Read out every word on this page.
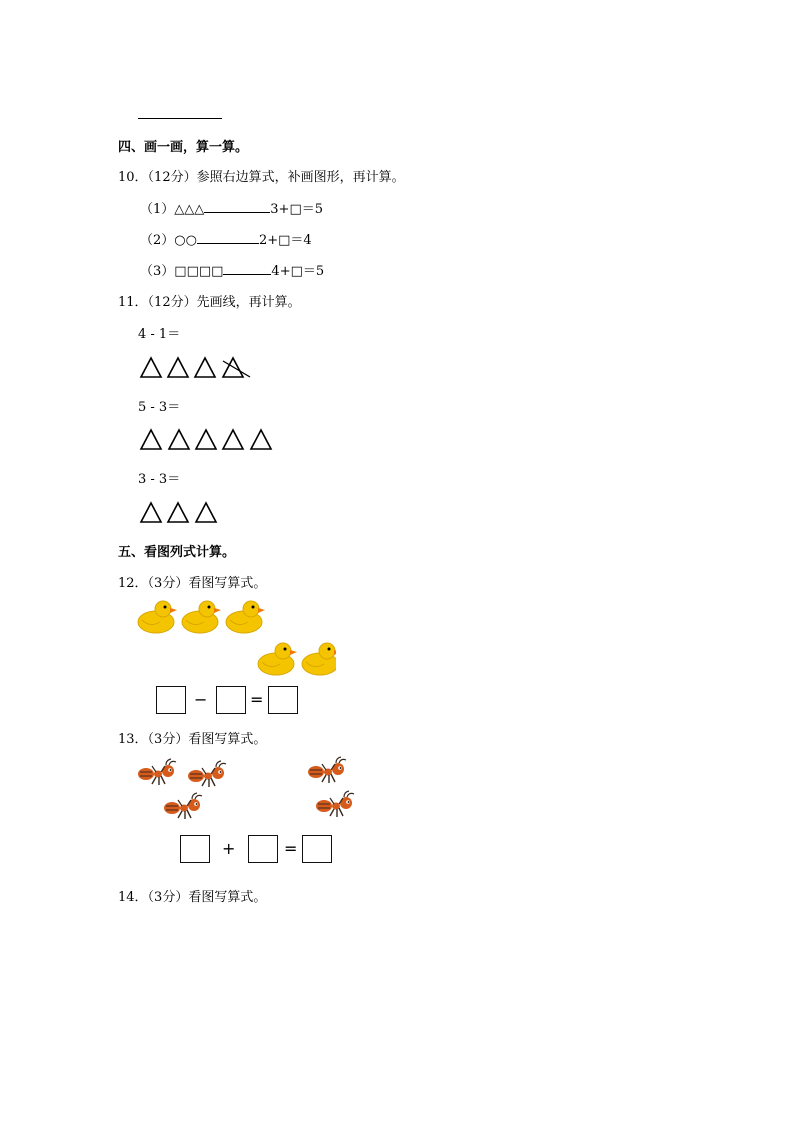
四、画一画，算一算。
10．（12分）参照右边算式，补画图形，再计算。
（1）△△△	3+□＝5
（2）○○	2+□＝4
（3）□□□□	4+□＝5
11．（12分）先画线，再计算。
4 - 1＝
5 - 3＝
3 - 3＝
五、看图列式计算。
12．（3分）看图写算式。
−	=
13．（3分）看图写算式。
+	=
14．（3分）看图写算式。
